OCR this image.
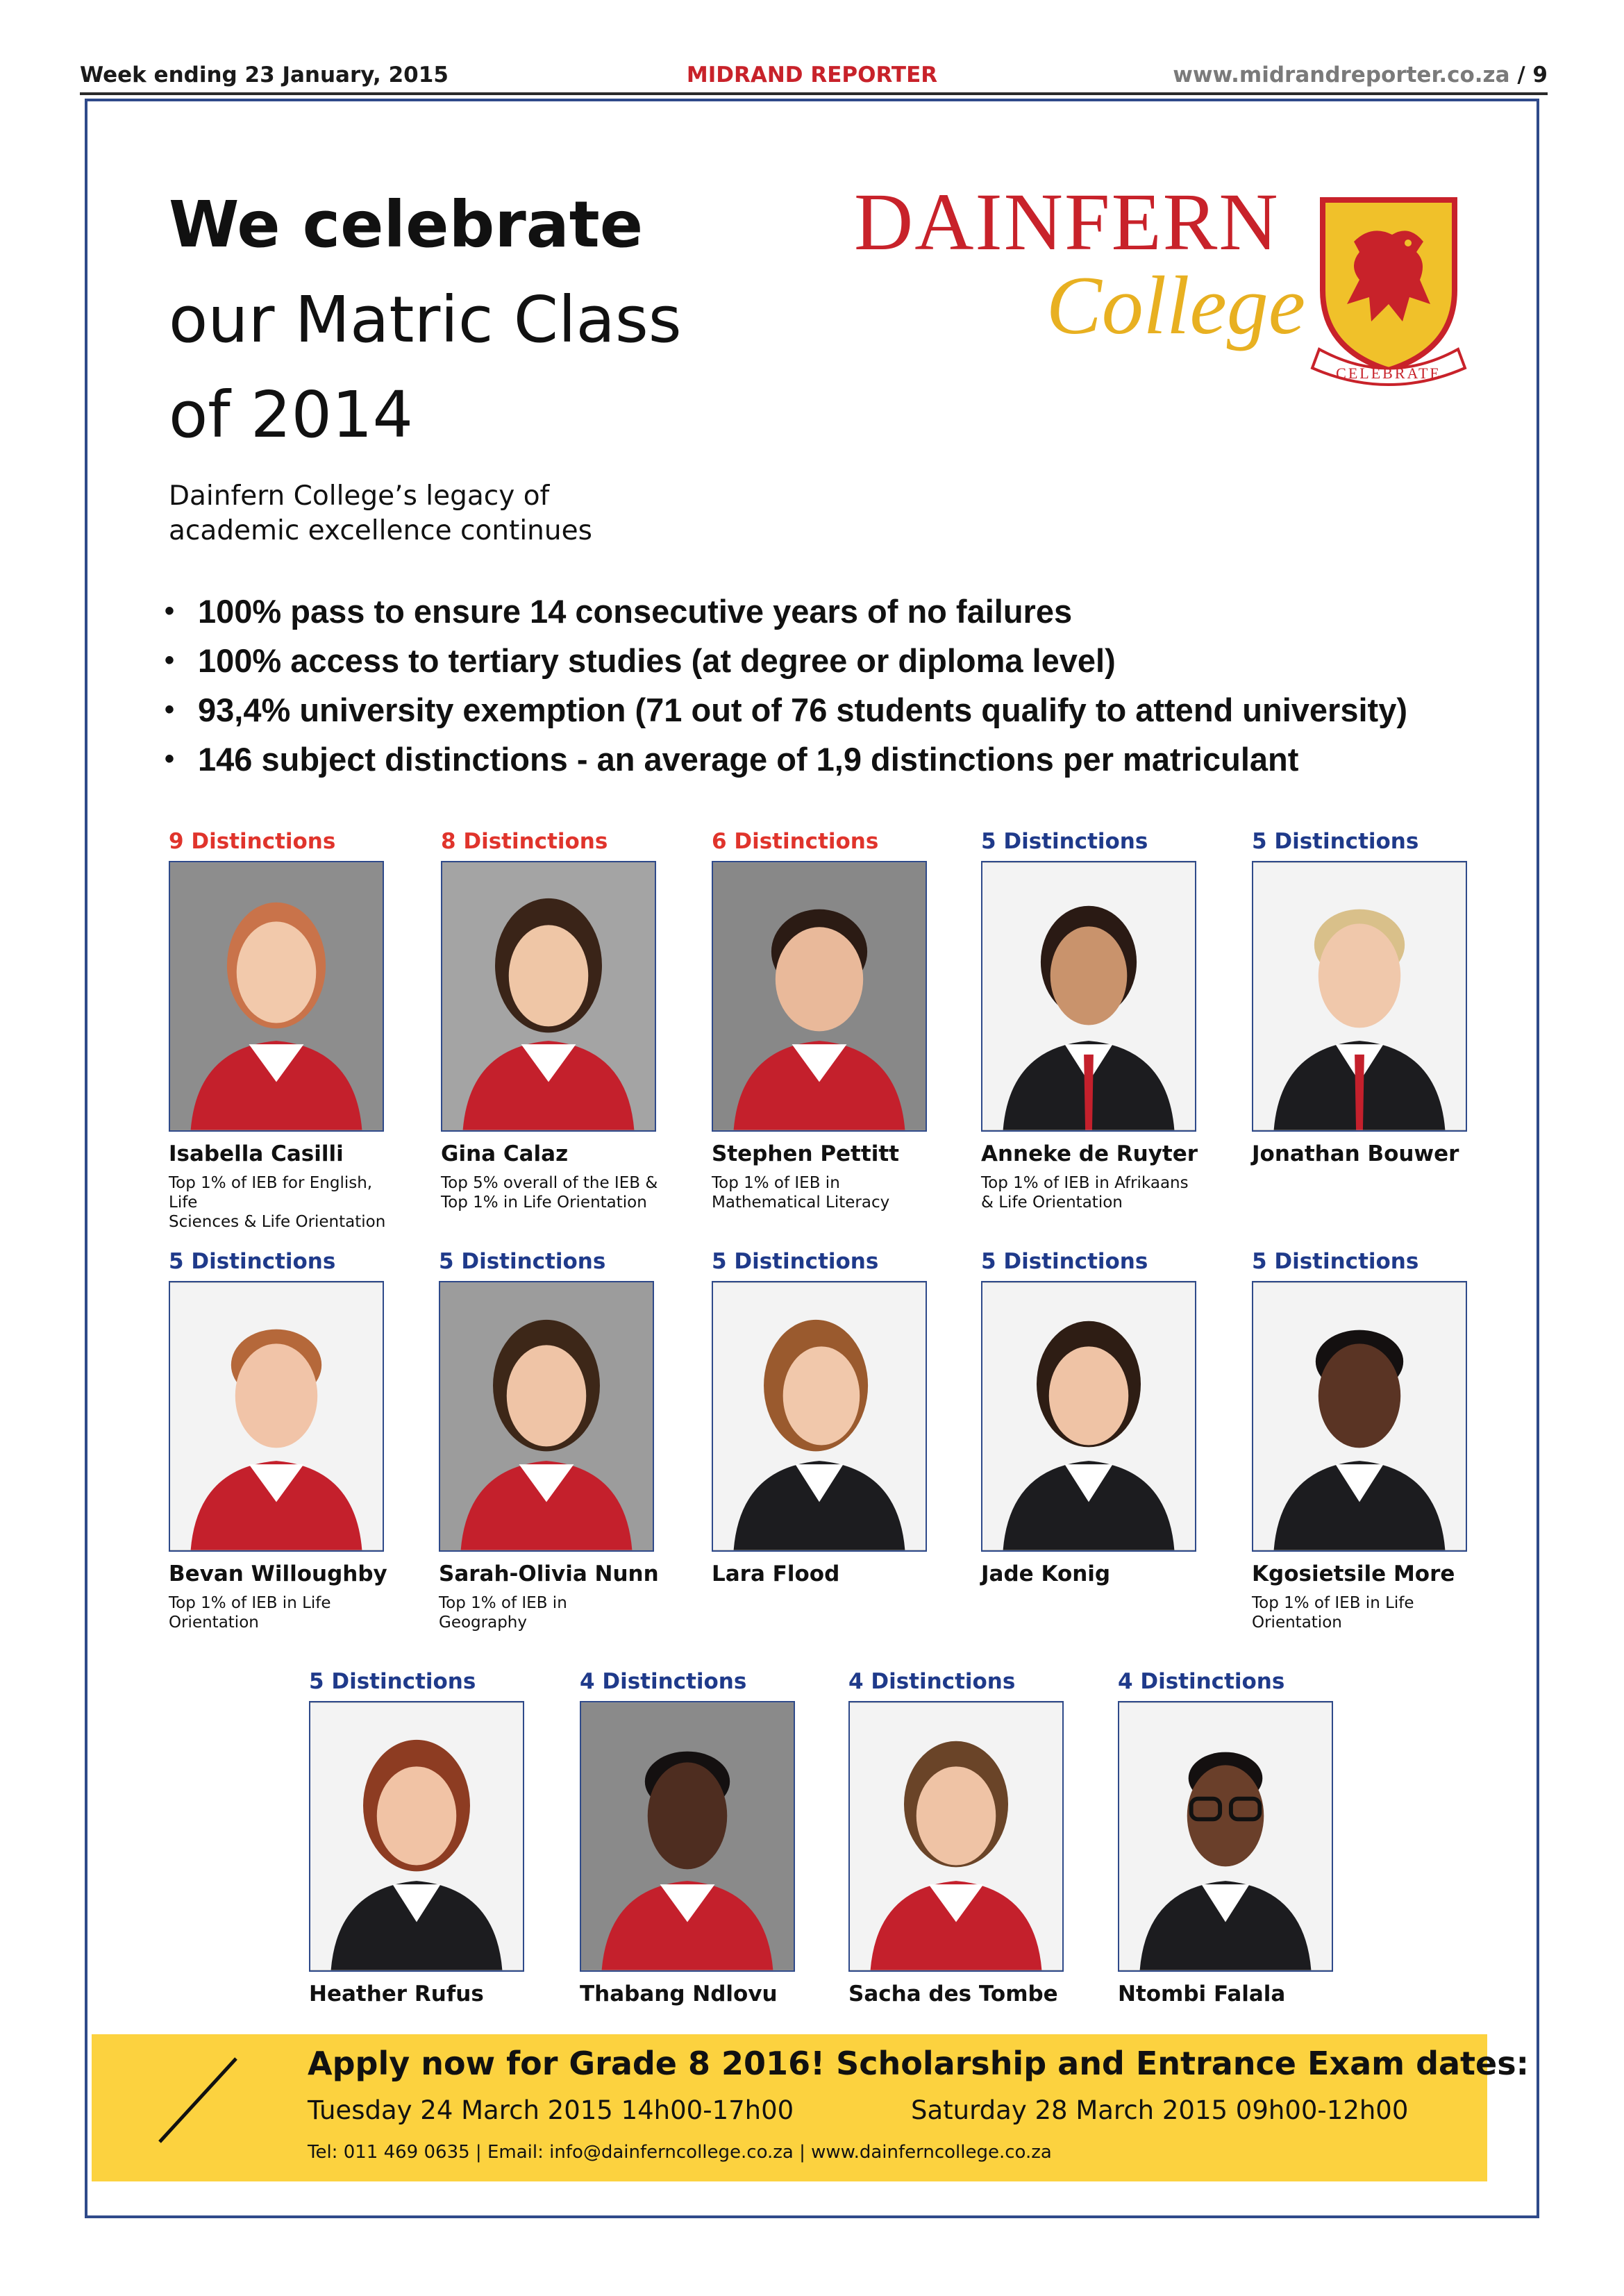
Week ending 23 January, 2015	MIDRAND REPORTER	www.midrandreporter.co.za / 9
We celebrate
our Matric Class
of 2014
Dainfern College’s legacy of
academic excellence continues
DAINFERN
College
CELEBRATE
• 100% pass to ensure 14 consecutive years of no failures
• 100% access to tertiary studies (at degree or diploma level)
• 93,4% university exemption (71 out of 76 students qualify to attend university)
• 146 subject distinctions - an average of 1,9 distinctions per matriculant
9 Distinctions
Isabella Casilli
Top 1% of IEB for English, Life
Sciences & Life Orientation
8 Distinctions
Gina Calaz
Top 5% overall of the IEB &
Top 1% in Life Orientation
6 Distinctions
Stephen Pettitt
Top 1% of IEB in
Mathematical Literacy
5 Distinctions
Anneke de Ruyter
Top 1% of IEB in Afrikaans
& Life Orientation
5 Distinctions
Jonathan Bouwer
5 Distinctions
Bevan Willoughby
Top 1% of IEB in Life
Orientation
5 Distinctions
Sarah-Olivia Nunn
Top 1% of IEB in
Geography
5 Distinctions
Lara Flood
5 Distinctions
Jade Konig
5 Distinctions
Kgosietsile More
Top 1% of IEB in Life
Orientation
5 Distinctions
Heather Rufus
4 Distinctions
Thabang Ndlovu
4 Distinctions
Sacha des Tombe
4 Distinctions
Ntombi Falala
Apply now for Grade 8 2016! Scholarship and Entrance Exam dates:
Tuesday 24 March 2015 14h00-17h00	Saturday 28 March 2015 09h00-12h00
Tel: 011 469 0635 | Email: info@dainferncollege.co.za | www.dainferncollege.co.za
